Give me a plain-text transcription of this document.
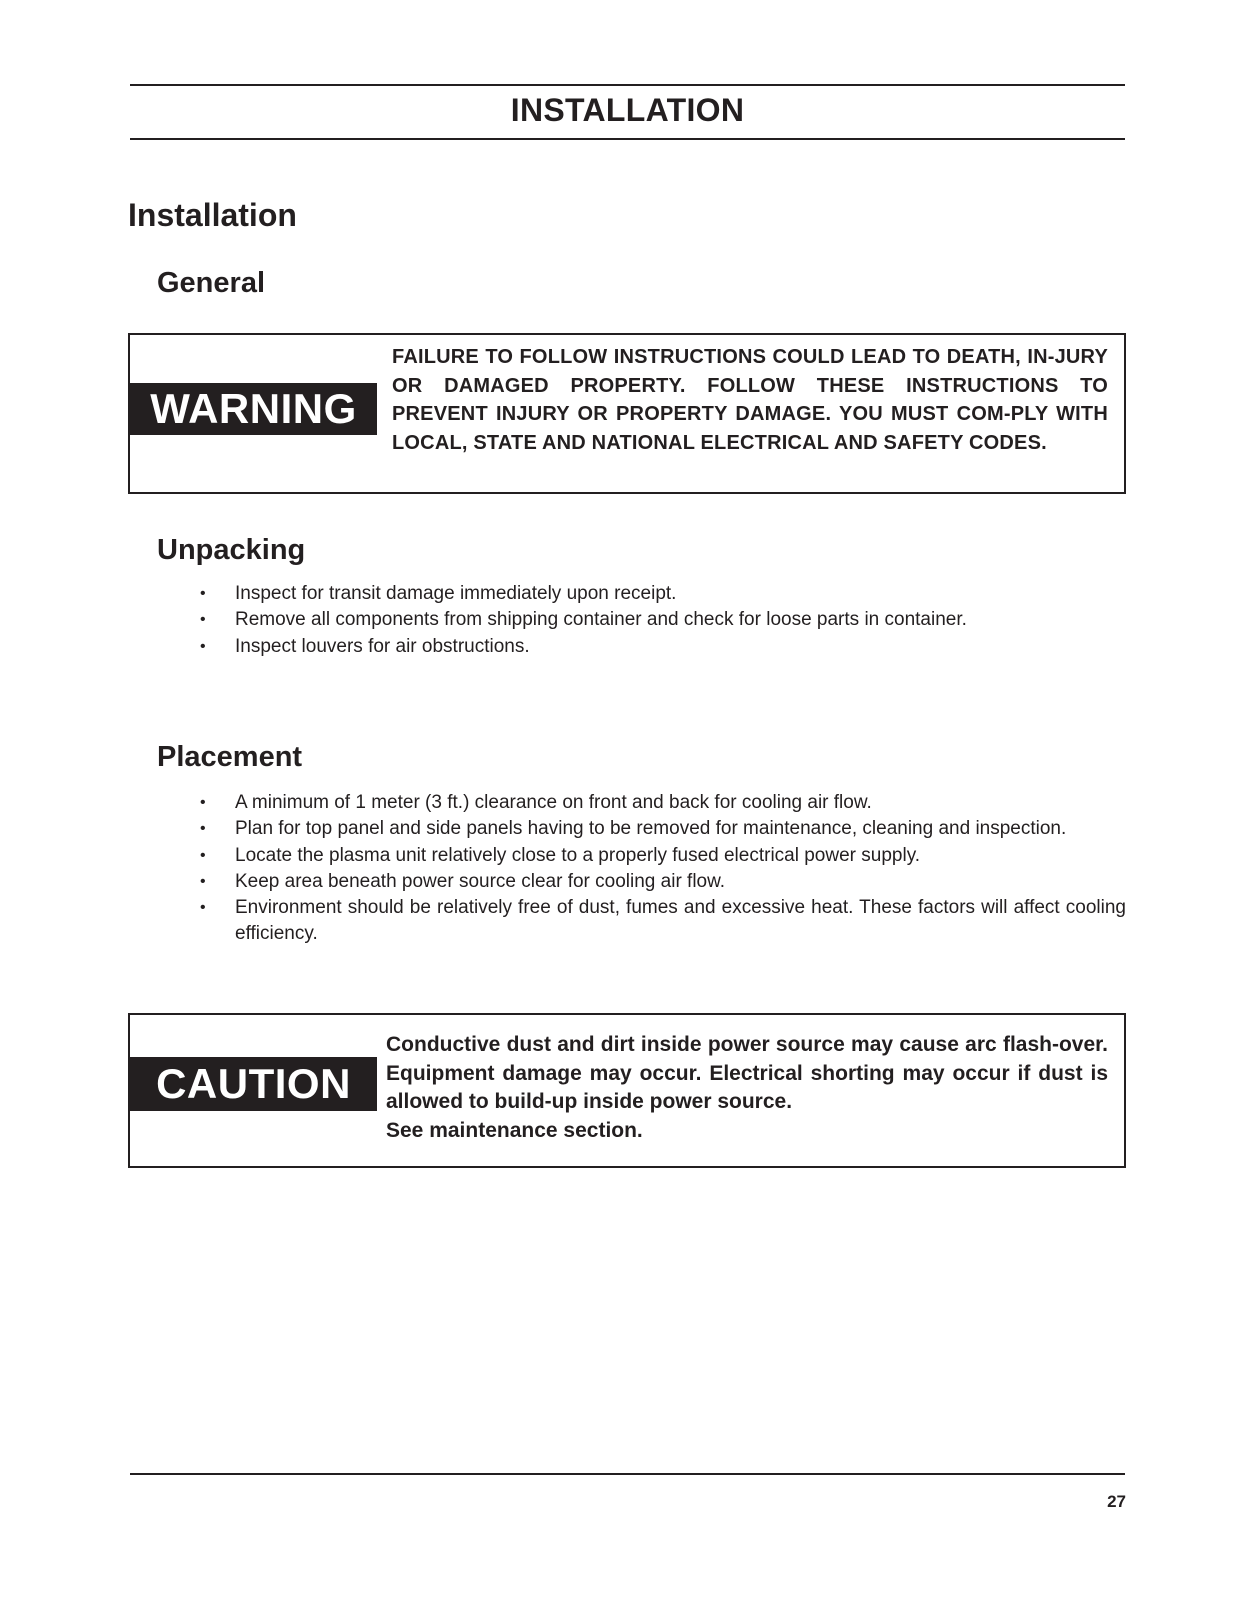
INSTALLATION
Installation
General
WARNING
FAILURE TO FOLLOW INSTRUCTIONS COULD LEAD TO DEATH, IN-JURY OR DAMAGED PROPERTY. FOLLOW THESE INSTRUCTIONS TO PREVENT INJURY OR PROPERTY DAMAGE. YOU MUST COM-PLY WITH LOCAL, STATE AND NATIONAL ELECTRICAL AND SAFETY CODES.
Unpacking
• Inspect for transit damage immediately upon receipt.
• Remove all components from shipping container and check for loose parts in container.
• Inspect louvers for air obstructions.
Placement
• A minimum of 1 meter (3 ft.) clearance on front and back for cooling air flow.
• Plan for top panel and side panels having to be removed for maintenance, cleaning and inspection.
• Locate the plasma unit relatively close to a properly fused electrical power supply.
• Keep area beneath power source clear for cooling air flow.
• Environment should be relatively free of dust, fumes and excessive heat. These factors will affect cooling efficiency.
CAUTION

Conductive dust and dirt inside power source may cause arc flash-over. Equipment damage may occur. Electrical shorting may occur if dust is allowed to build-up inside power source.

See maintenance section.

27
